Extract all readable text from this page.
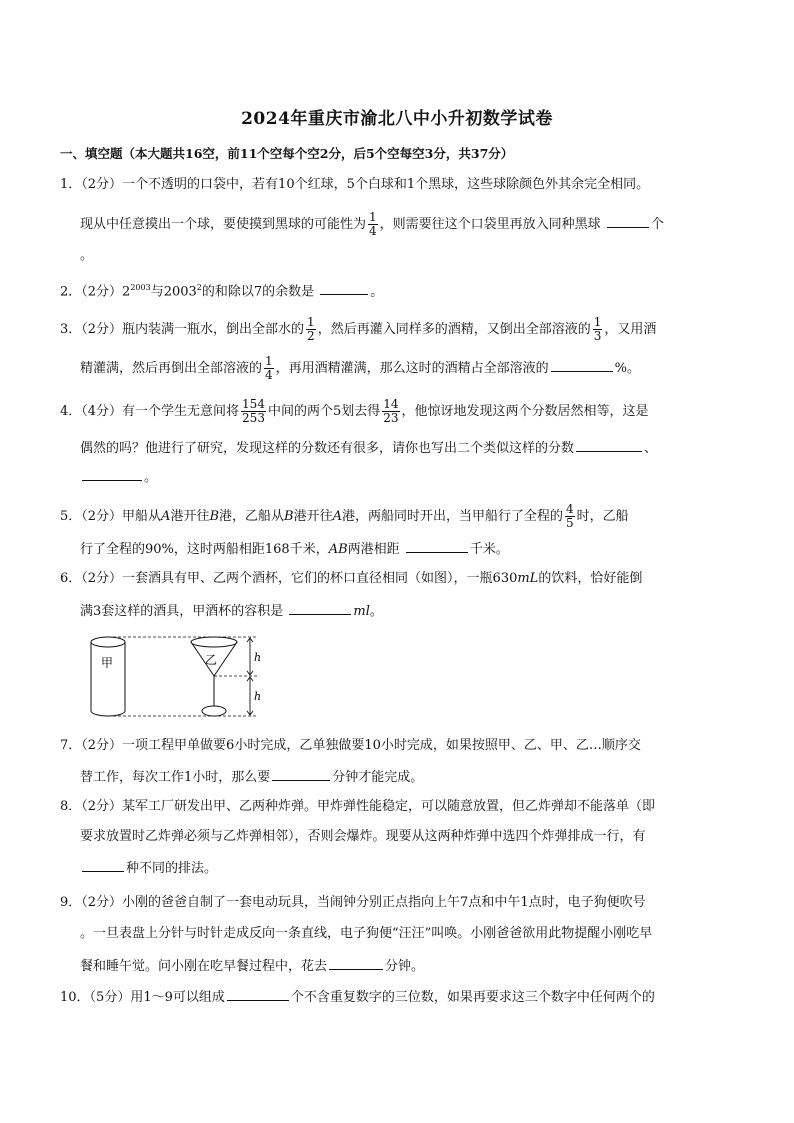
2024年重庆市渝北八中小升初数学试卷
一、填空题（本大题共16空，前11个空每个空2分，后5个空每空3分，共37分）
1．（2分）一个不透明的口袋中，若有10个红球，5个白球和1个黑球，这些球除颜色外其余完全相同。
现从中任意摸出一个球，要使摸到黑球的可能性为 $\frac{1}{4}$ ，则需要往这个口袋里再放入同种黑球	个
。
2．（2分）$2^{2003}$与2003$^2$的和除以7的余数是	。
3．（2分）瓶内装满一瓶水，倒出全部水的 $\frac{1}{2}$ ，然后再灌入同样多的酒精，又倒出全部溶液的 $\frac{1}{3}$ ，又用酒
精灌满，然后再倒出全部溶液的 $\frac{1}{4}$ ，再用酒精灌满，那么这时的酒精占全部溶液的	%。
4．（4分）有一个学生无意间将 $\frac{154}{253}$ 中间的两个5划去得 $\frac{14}{23}$ ，他惊讶地发现这两个分数居然相等，这是
偶然的吗？他进行了研究，发现这样的分数还有很多，请你也写出二个类似这样的分数	、
。
5．（2分）甲船从A港开往B港，乙船从B港开往A港，两船同时开出，当甲船行了全程的 $\frac{4}{5}$ 时，乙船
行了全程的90%，这时两船相距168千米，AB两港相距	千米。
6．（2分）一套酒具有甲、乙两个酒杯，它们的杯口直径相同（如图），一瓶630mL的饮料，恰好能倒
满3套这样的酒具，甲酒杯的容积是	ml。
甲	乙	h
h
7．（2分）一项工程甲单做要6小时完成，乙单独做要10小时完成，如果按照甲、乙、甲、乙…顺序交
替工作，每次工作1小时，那么要	分钟才能完成。
8．（2分）某军工厂研发出甲、乙两种炸弹。甲炸弹性能稳定，可以随意放置，但乙炸弹却不能落单（即
要求放置时乙炸弹必须与乙炸弹相邻），否则会爆炸。现要从这两种炸弹中选四个炸弹排成一行，有
种不同的排法。
9．（2分）小刚的爸爸自制了一套电动玩具，当闹钟分别正点指向上午7点和中午1点时，电子狗便吹号
。一旦表盘上分针与时针走成反向一条直线，电子狗便“汪汪”叫唤。小刚爸爸欲用此物提醒小刚吃早
餐和睡午觉。问小刚在吃早餐过程中，花去	分钟。
10．（5分）用1～9可以组成	个不含重复数字的三位数，如果再要求这三个数字中任何两个的
